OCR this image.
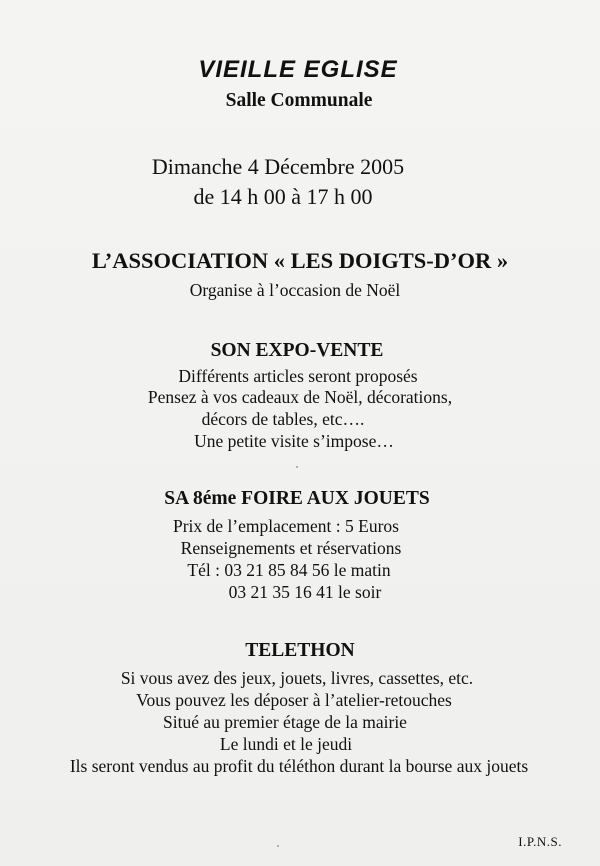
VIEILLE EGLISE
Salle Communale
Dimanche 4 Décembre 2005
de 14 h 00 à 17 h 00
L’ASSOCIATION « LES DOIGTS-D’OR »
Organise à l’occasion de Noël
SON EXPO-VENTE
Différents articles seront proposés
Pensez à vos cadeaux de Noël, décorations,
décors de tables, etc….
Une petite visite s’impose…
SA 8éme FOIRE AUX JOUETS
Prix de l’emplacement : 5 Euros
Renseignements et réservations
Tél : 03 21 85 84 56 le matin
03 21 35 16 41 le soir
TELETHON
Si vous avez des jeux, jouets, livres, cassettes, etc.
Vous pouvez les déposer à l’atelier-retouches
Situé au premier étage de la mairie
Le lundi et le jeudi
Ils seront vendus au profit du téléthon durant la bourse aux jouets
I.P.N.S.
